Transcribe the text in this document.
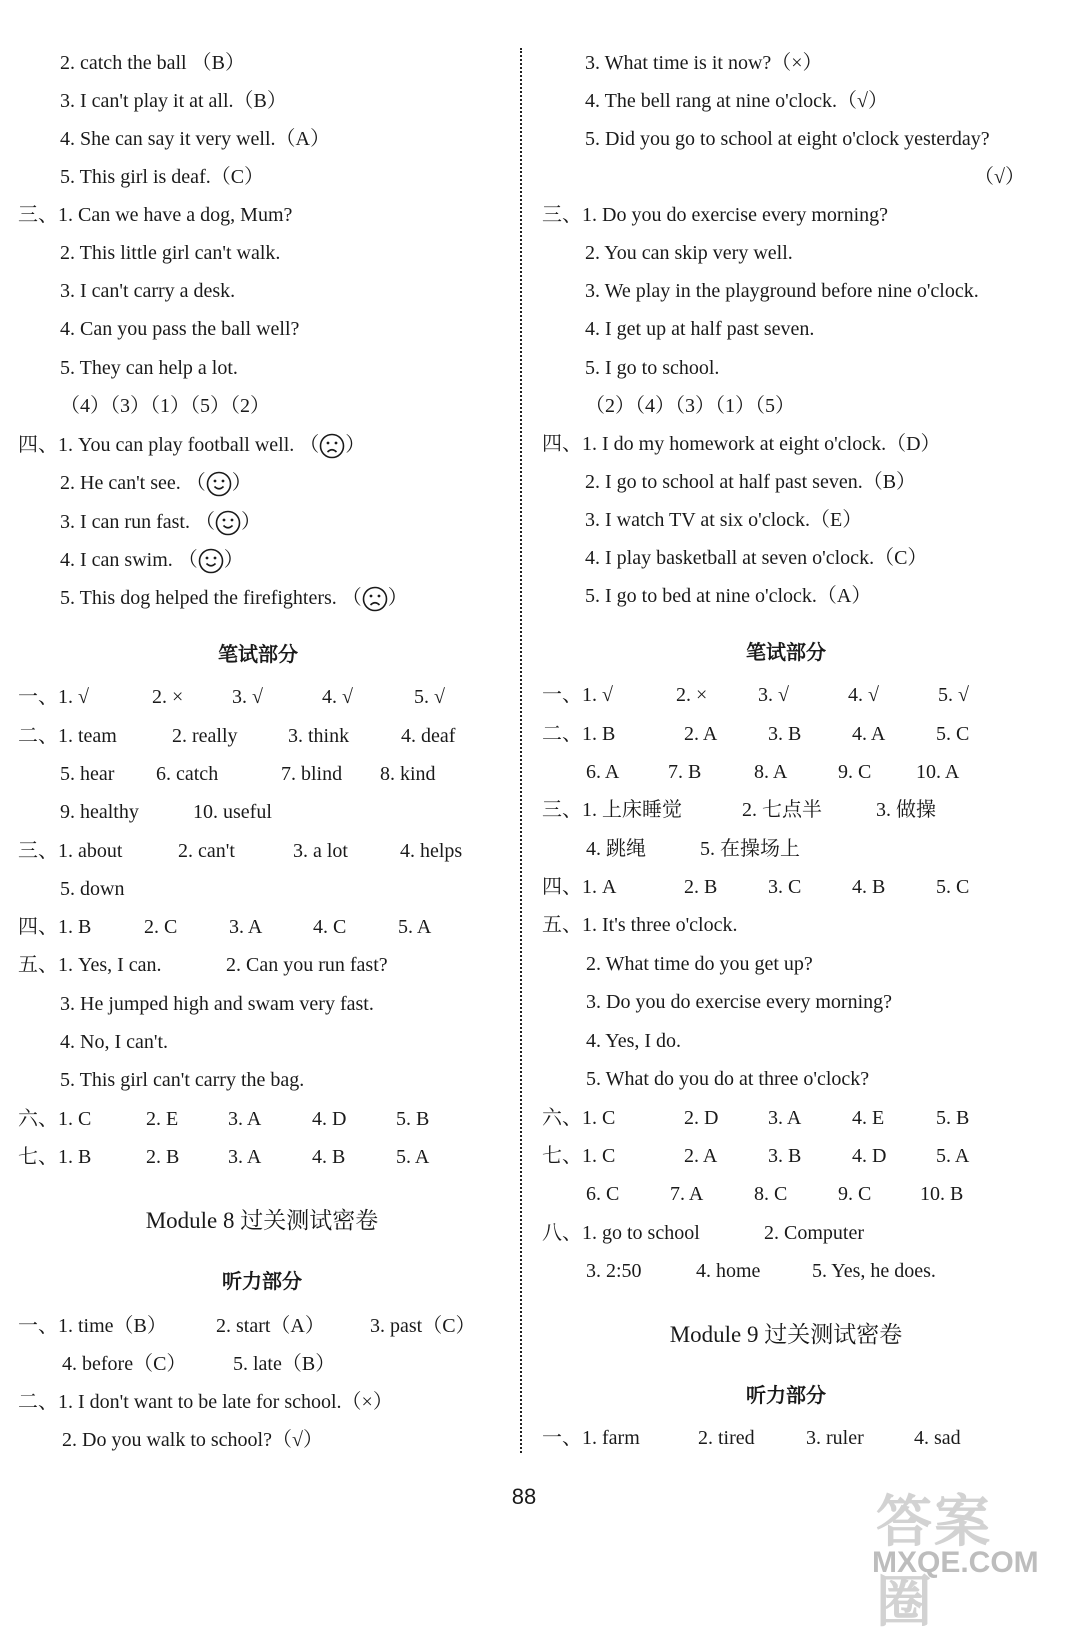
2. catch the ball （B）
3. I can't play it at all.（B）
4. She can say it very well.（A）
5. This girl is deaf.（C）
三、1. Can we have a dog, Mum?
2. This little girl can't walk.
3. I can't carry a desk.
4. Can you pass the ball well?
5. They can help a lot.
（4）（3）（1）（5）（2）
四、1. You can play football well. （ ）
2. He can't see. （ ）
3. I can run fast. （ ）
4. I can swim. （ ）
5. This dog helped the firefighters. （ ）
笔试部分
一、1. √	2. × 3. √	4. √	5. √
二、1. team	2. really	3. think	4. deaf
5. hear 6. catch	7. blind 8. kind
9. healthy	10. useful
三、1. about	2. can't	3. a lot	4. helps
5. down
四、1. B	2. C	3. A	4. C	5. A
五、1. Yes, I can.	2. Can you run fast?
3. He jumped high and swam very fast.
4. No, I can't.
5. This girl can't carry the bag.
六、1. C	2. E 3. A	4. D 5. B
七、1. B	2. B 3. A	4. B	5. A
Module 8 过关测试密卷
听力部分
一、1. time（B） 2. start（A） 3. past（C）
4. before（C） 5. late（B）
二、1. I don't want to be late for school.（×）
2. Do you walk to school?（√）
3. What time is it now?（×）
4. The bell rang at nine o'clock.（√）
5. Did you go to school at eight o'clock yesterday?
（√）
三、1. Do you do exercise every morning?
2. You can skip very well.
3. We play in the playground before nine o'clock.
4. I get up at half past seven.
5. I go to school.
（2）（4）（3）（1）（5）
四、1. I do my homework at eight o'clock.（D）
2. I go to school at half past seven.（B）
3. I watch TV at six o'clock.（E）
4. I play basketball at seven o'clock.（C）
5. I go to bed at nine o'clock.（A）
笔试部分
一、1. √	2. ×	3. √	4. √	5. √
二、1. B	2. A	3. B	4. A	5. C
6. A 7. B	8. A	9. C 10. A
三、1. 上床睡觉	2. 七点半	3. 做操
4. 跳绳	5. 在操场上
四、1. A	2. B	3. C	4. B	5. C
五、1. It's three o'clock.
2. What time do you get up?
3. Do you do exercise every morning?
4. Yes, I do.
5. What do you do at three o'clock?
六、1. C	2. D 3. A	4. E	5. B
七、1. C	2. A	3. B	4. D 5. A
6. C	7. A	8. C	9. C 10. B
八、1. go to school	2. Computer
3. 2:50	4. home	5. Yes, he does.
Module 9 过关测试密卷
听力部分
一、1. farm	2. tired	3. ruler	4. sad
88	答案圈
MXQE.COM
